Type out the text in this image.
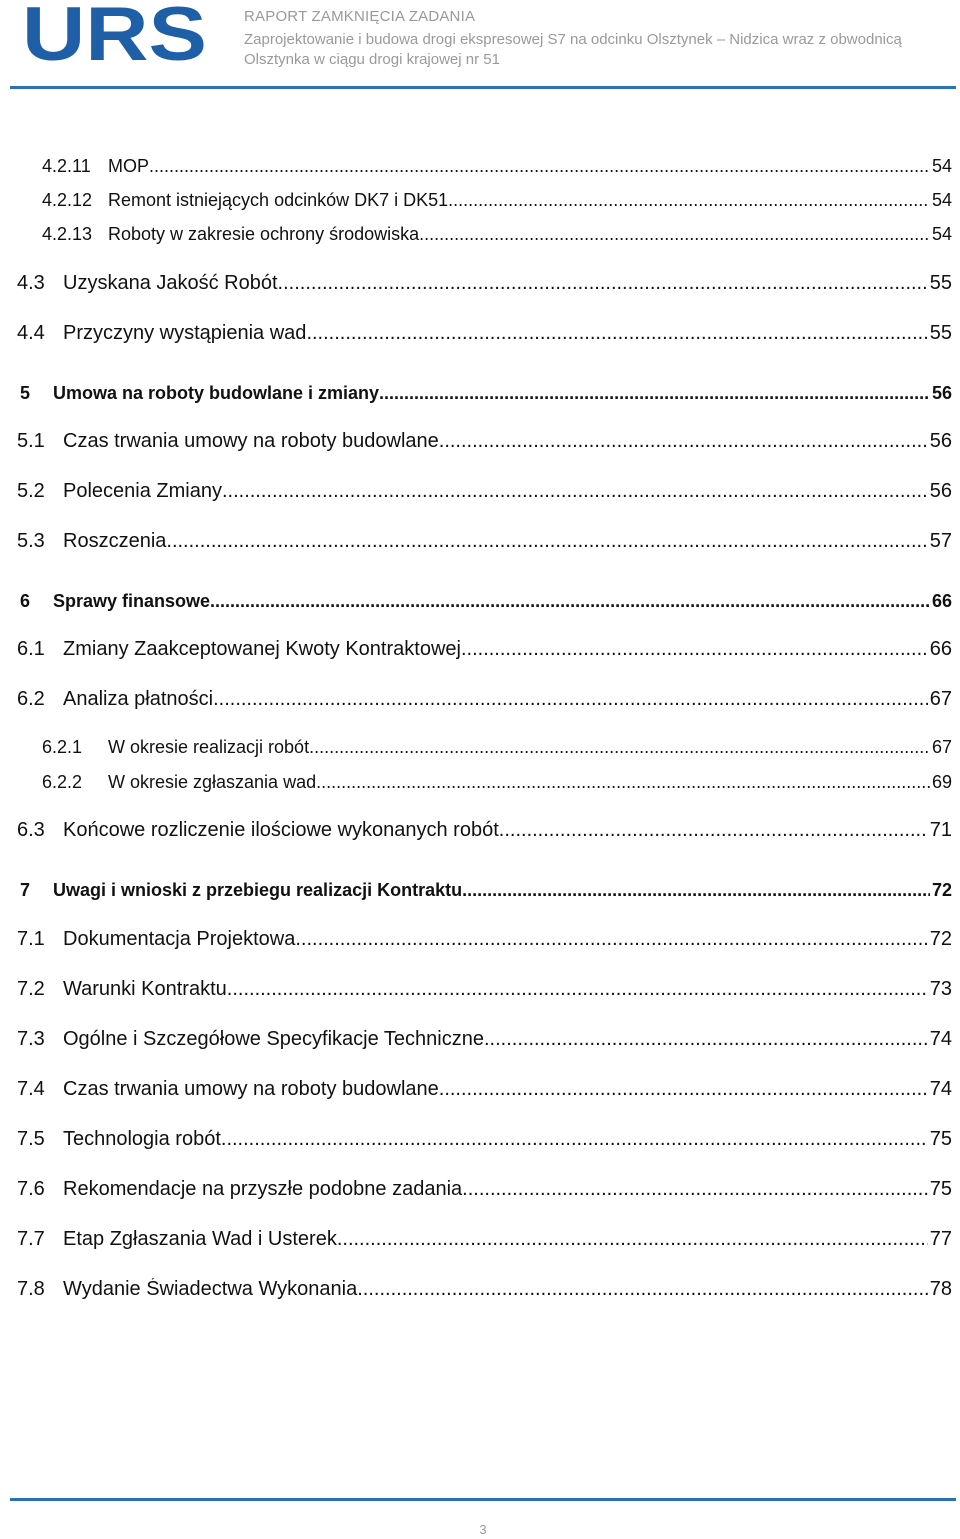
URS RAPORT ZAMKNIĘCIA ZADANIA
Zaprojektowanie i budowa drogi ekspresowej S7 na odcinku Olsztynek – Nidzica wraz z obwodnicą
Olsztynka w ciągu drogi krajowej nr 51
4.2.11 MOP .....	54
4.2.12 Remont istniejących odcinków DK7 i DK51 .....	54
4.2.13 Roboty w zakresie ochrony środowiska .....	54
4.3 Uzyskana Jakość Robót .....	55
4.4 Przyczyny wystąpienia wad .....	55
5 Umowa na roboty budowlane i zmiany .....	56
5.1 Czas trwania umowy na roboty budowlane .....	56
5.2 Polecenia Zmiany .....	56
5.3 Roszczenia .....	57
6 Sprawy finansowe .....	66
6.1 Zmiany Zaakceptowanej Kwoty Kontraktowej .....	66
6.2 Analiza płatności .....	67
6.2.1 W okresie realizacji robót .....	67
6.2.2 W okresie zgłaszania wad .....	69
6.3 Końcowe rozliczenie ilościowe wykonanych robót .....	71
7 Uwagi i wnioski z przebiegu realizacji Kontraktu .....	72
7.1 Dokumentacja Projektowa .....	72
7.2 Warunki Kontraktu .....	73
7.3 Ogólne i Szczegółowe Specyfikacje Techniczne .....	74
7.4 Czas trwania umowy na roboty budowlane .....	74
7.5 Technologia robót .....	75
7.6 Rekomendacje na przyszłe podobne zadania .....	75
7.7 Etap Zgłaszania Wad i Usterek .....	77
7.8 Wydanie Świadectwa Wykonania .....	78
3
